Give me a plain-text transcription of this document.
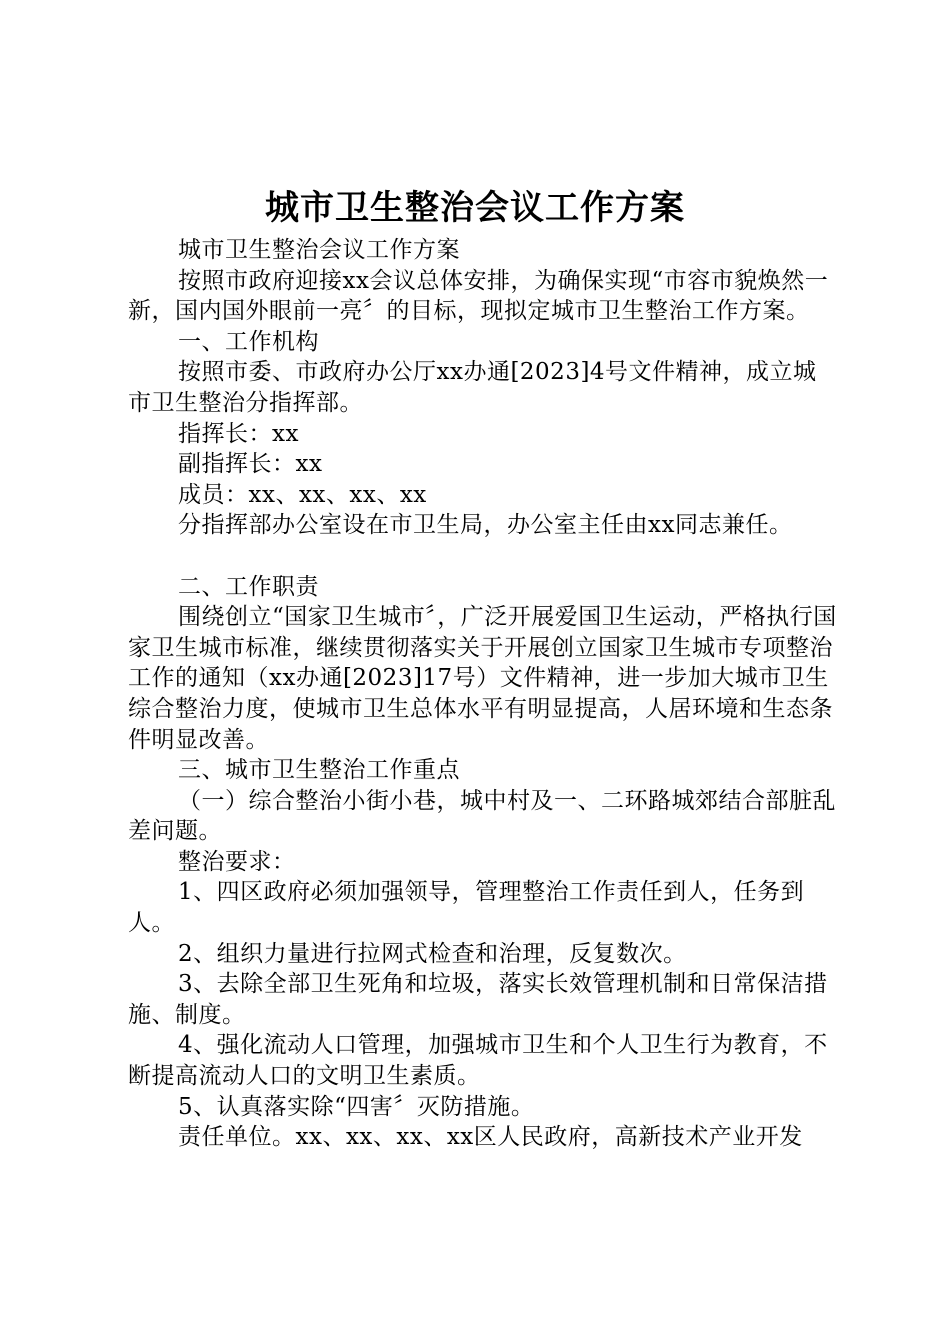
城市卫生整治会议工作方案

城市卫生整治会议工作方案

按照市政府迎接xx会议总体安排，为确保实现“市容市貌焕然一新，国内国外眼前一亮〞的目标，现拟定城市卫生整治工作方案。

一、工作机构

按照市委、市政府办公厅xx办通[2023]4号文件精神，成立城市卫生整治分指挥部。

指挥长：xx

副指挥长：xx

成员：xx、xx、xx、xx

分指挥部办公室设在市卫生局，办公室主任由xx同志兼任。

二、工作职责

围绕创立“国家卫生城市〞，广泛开展爱国卫生运动，严格执行国家卫生城市标准，继续贯彻落实关于开展创立国家卫生城市专项整治工作的通知（xx办通[2023]17号）文件精神，进一步加大城市卫生综合整治力度，使城市卫生总体水平有明显提高，人居环境和生态条件明显改善。

三、城市卫生整治工作重点

（一）综合整治小街小巷，城中村及一、二环路城郊结合部脏乱差问题。

整治要求：

1、四区政府必须加强领导，管理整治工作责任到人，任务到人。

2、组织力量进行拉网式检查和治理，反复数次。

3、去除全部卫生死角和垃圾，落实长效管理机制和日常保洁措施、制度。

4、强化流动人口管理，加强城市卫生和个人卫生行为教育，不断提高流动人口的文明卫生素质。

5、认真落实除“四害〞灭防措施。

责任单位。xx、xx、xx、xx区人民政府，高新技术产业开发
